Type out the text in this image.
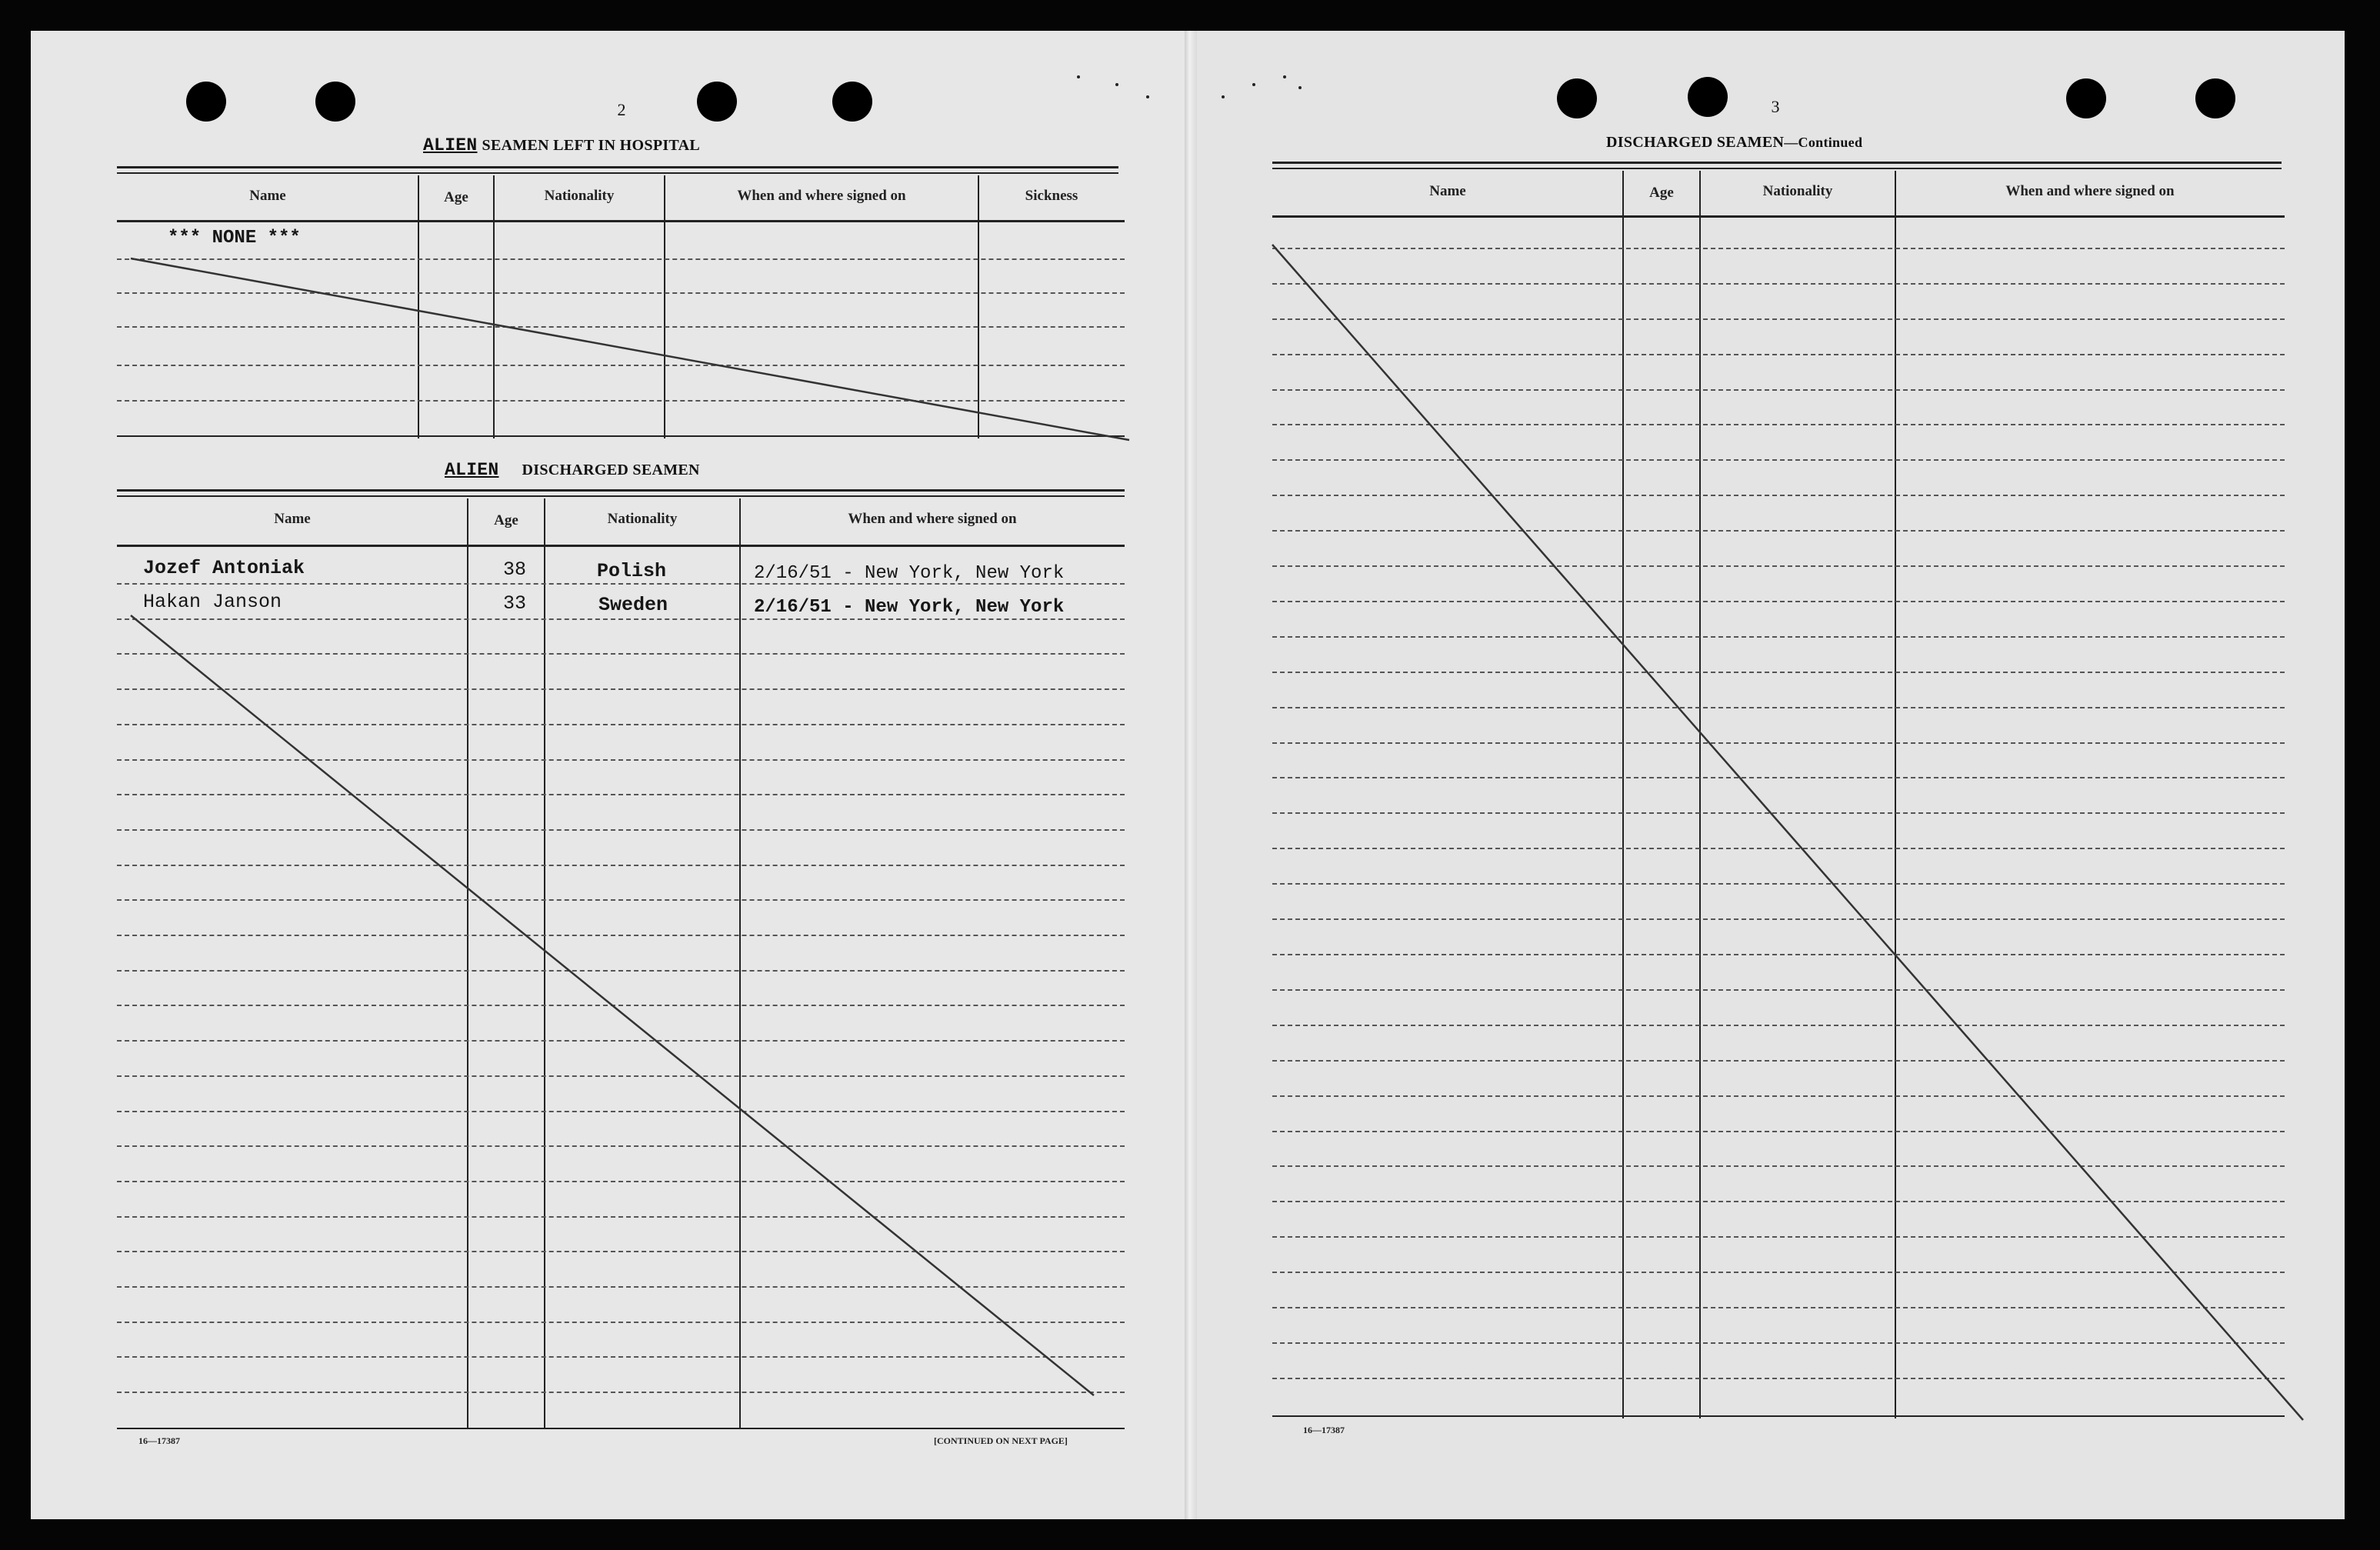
2
ALIEN SEAMEN LEFT IN HOSPITAL
Name	Age	Nationality	When and where signed on	Sickness
*** NONE ***
ALIEN DISCHARGED SEAMEN
Name	Age	Nationality	When and where signed on
Jozef Antoniak	38	Polish	2/16/51 - New York, New York
Hakan Janson	33	Sweden	2/16/51 - New York, New York
16—17387	[CONTINUED ON NEXT PAGE]
3
DISCHARGED SEAMEN—Continued
Name	Age	Nationality	When and where signed on
16—17387
